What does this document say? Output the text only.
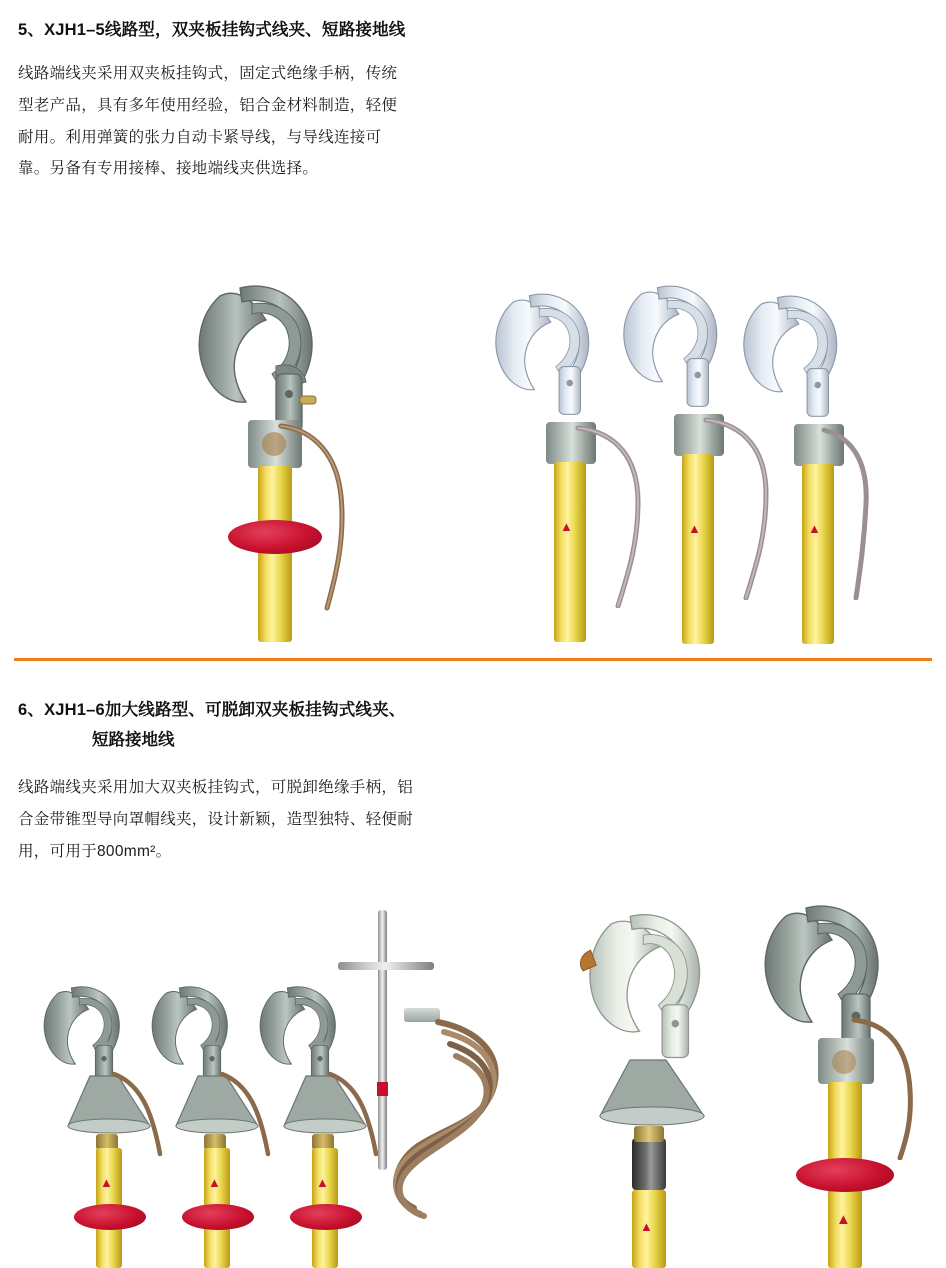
5、XJH1–5线路型，双夹板挂钩式线夹、短路接地线
线路端线夹采用双夹板挂钩式，固定式绝缘手柄，传统
型老产品，具有多年使用经验，铝合金材料制造，轻便
耐用。利用弹簧的张力自动卡紧导线，与导线连接可
靠。另备有专用接棒、接地端线夹供选择。
▲	▲	▲
6、XJH1–6加大线路型、可脱卸双夹板挂钩式线夹、
短路接地线
线路端线夹采用加大双夹板挂钩式，可脱卸绝缘手柄，铝
合金带锥型导向罩帽线夹，设计新颖，造型独特、轻便耐
用，可用于800mm²。
▲	▲	▲
▲	▲
